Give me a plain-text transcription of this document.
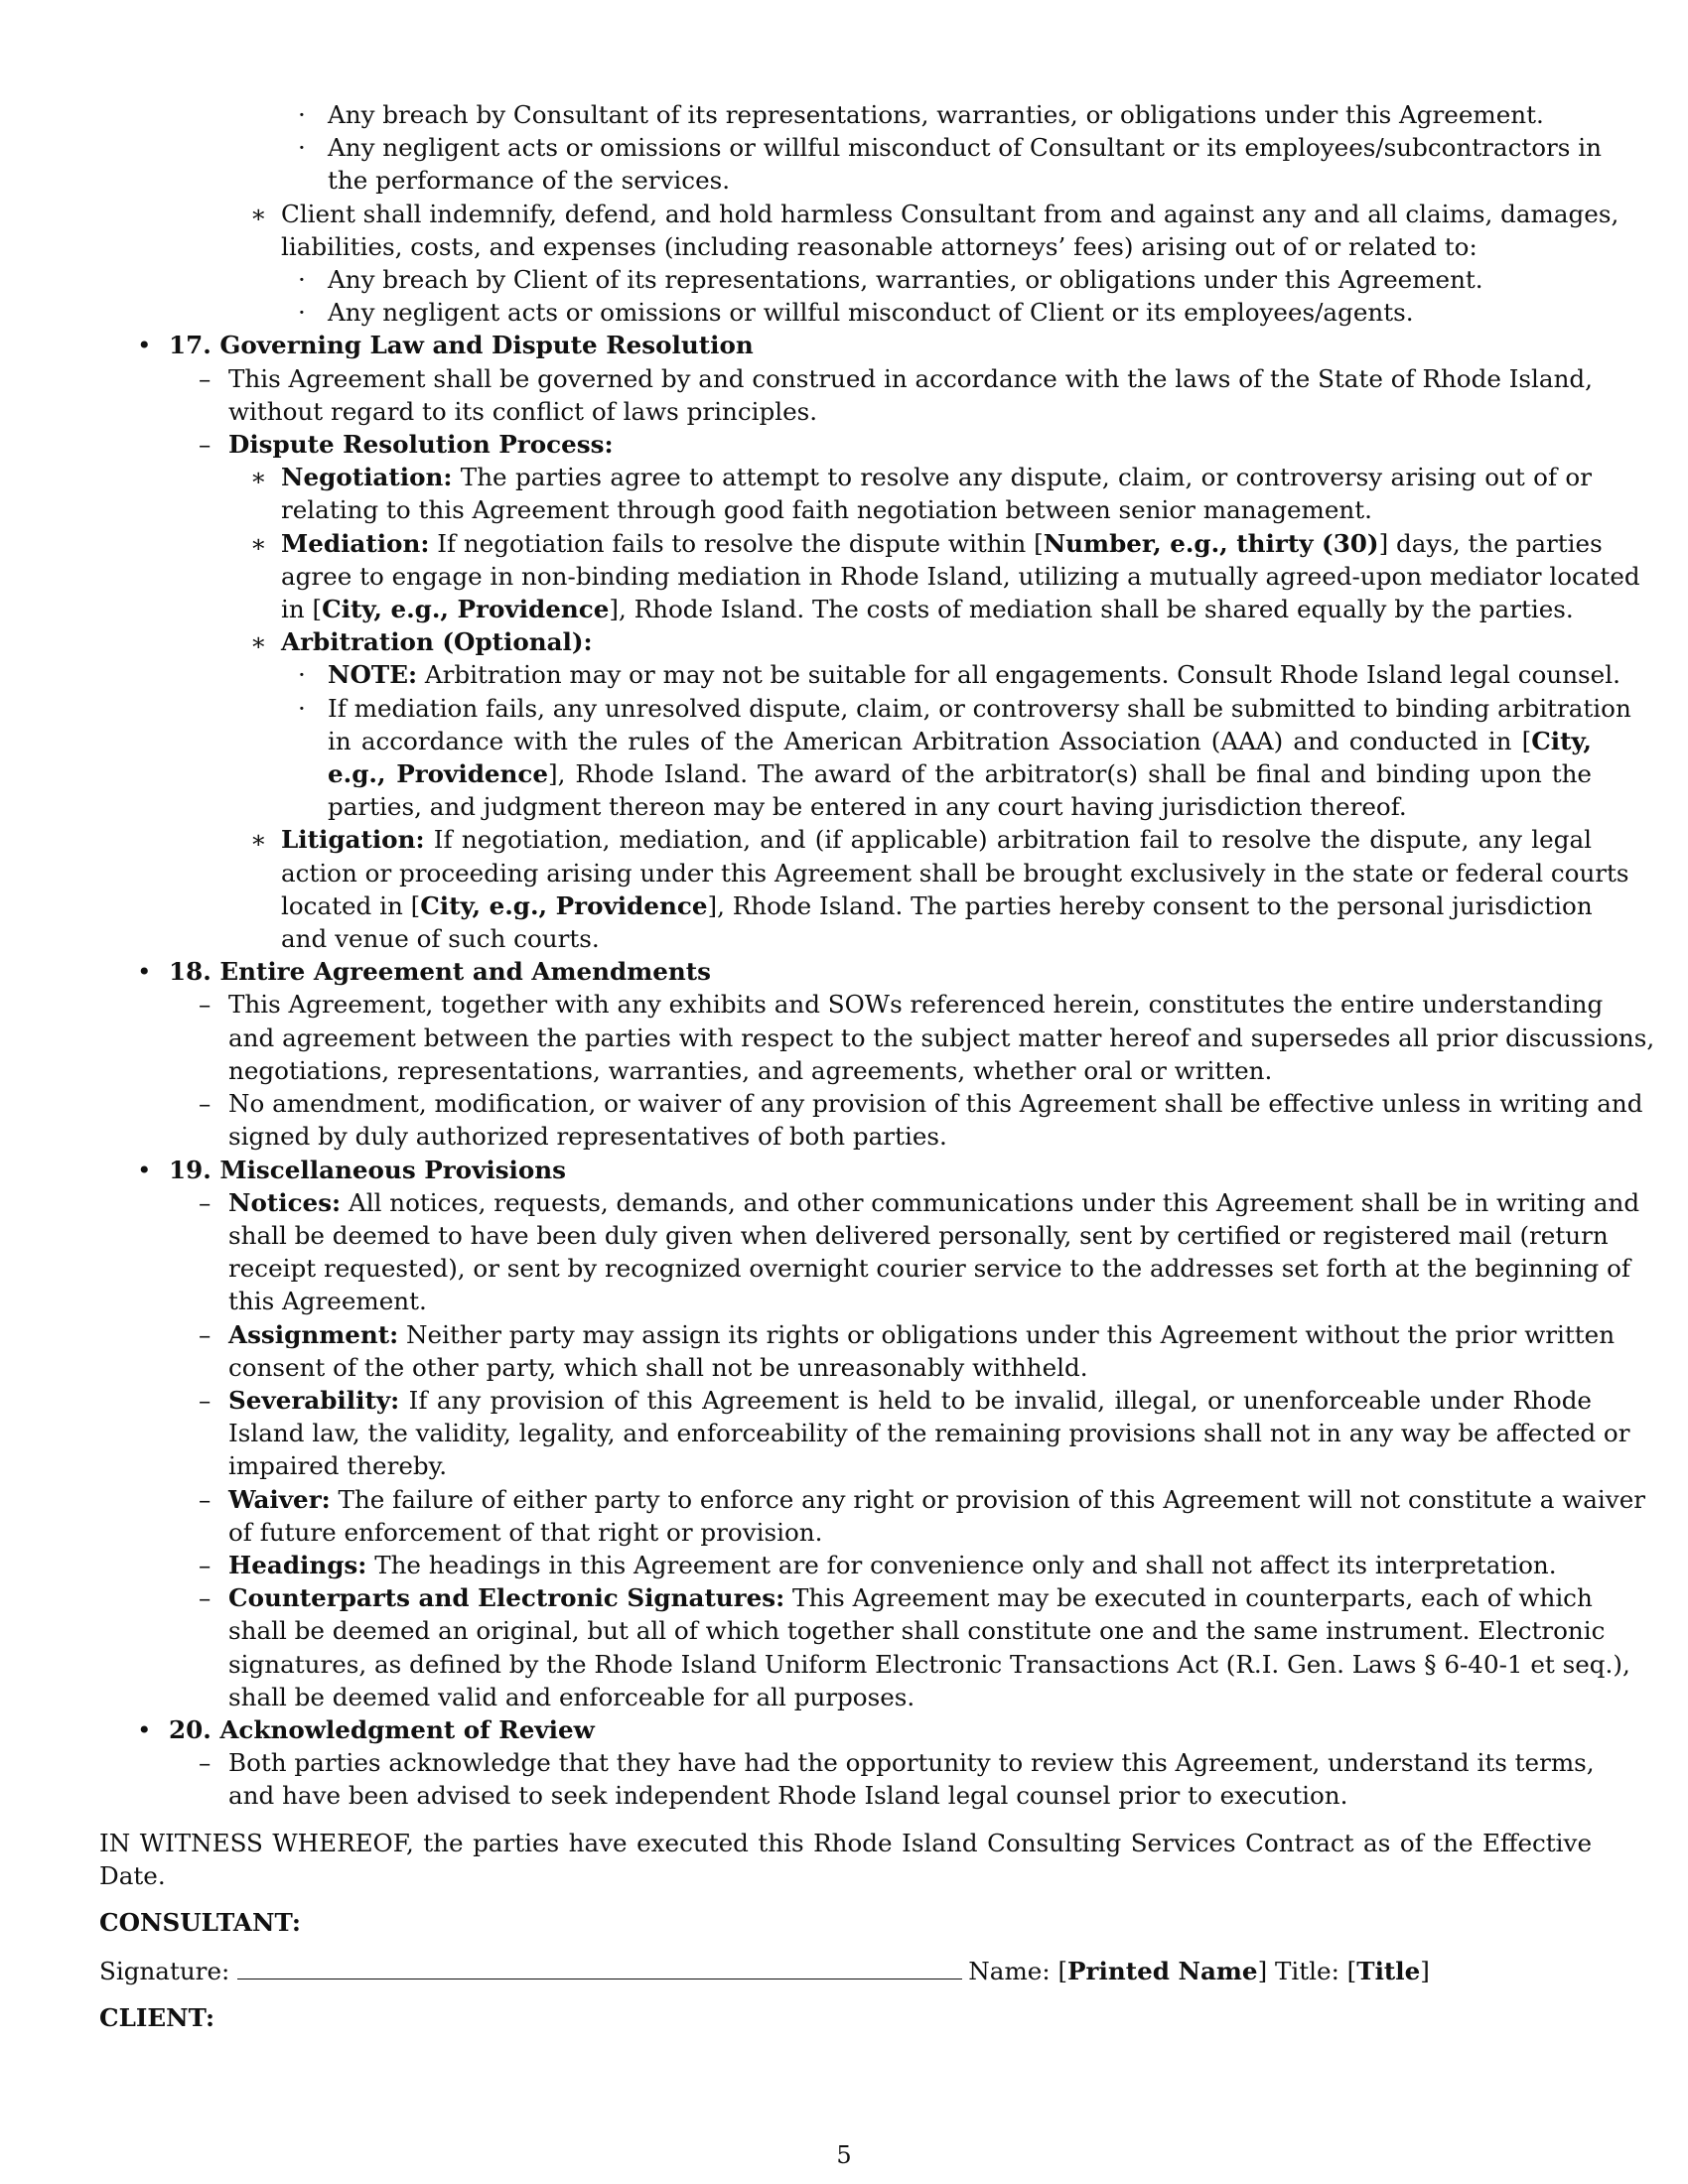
· Any breach by Consultant of its representations, warranties, or obligations under this Agreement.
· Any negligent acts or omissions or willful misconduct of Consultant or its employees/subcontractors in
the performance of the services.
∗ Client shall indemnify, defend, and hold harmless Consultant from and against any and all claims, damages,
liabilities, costs, and expenses (including reasonable attorneys’ fees) arising out of or related to:
· Any breach by Client of its representations, warranties, or obligations under this Agreement.
· Any negligent acts or omissions or willful misconduct of Client or its employees/agents.
• 17. Governing Law and Dispute Resolution
– This Agreement shall be governed by and construed in accordance with the laws of the State of Rhode Island,
without regard to its conflict of laws principles.
– Dispute Resolution Process:
∗ Negotiation: The parties agree to attempt to resolve any dispute, claim, or controversy arising out of or
relating to this Agreement through good faith negotiation between senior management.
∗ Mediation: If negotiation fails to resolve the dispute within [Number, e.g., thirty (30)] days, the parties
agree to engage in non-binding mediation in Rhode Island, utilizing a mutually agreed-upon mediator located
in [City, e.g., Providence], Rhode Island. The costs of mediation shall be shared equally by the parties.
∗ Arbitration (Optional):
· NOTE: Arbitration may or may not be suitable for all engagements. Consult Rhode Island legal counsel.
· If mediation fails, any unresolved dispute, claim, or controversy shall be submitted to binding arbitration
in accordance with the rules of the American Arbitration Association (AAA) and conducted in [City,
e.g., Providence], Rhode Island. The award of the arbitrator(s) shall be final and binding upon the
parties, and judgment thereon may be entered in any court having jurisdiction thereof.
∗ Litigation: If negotiation, mediation, and (if applicable) arbitration fail to resolve the dispute, any legal
action or proceeding arising under this Agreement shall be brought exclusively in the state or federal courts
located in [City, e.g., Providence], Rhode Island. The parties hereby consent to the personal jurisdiction
and venue of such courts.
• 18. Entire Agreement and Amendments
– This Agreement, together with any exhibits and SOWs referenced herein, constitutes the entire understanding
and agreement between the parties with respect to the subject matter hereof and supersedes all prior discussions,
negotiations, representations, warranties, and agreements, whether oral or written.
– No amendment, modification, or waiver of any provision of this Agreement shall be effective unless in writing and
signed by duly authorized representatives of both parties.
• 19. Miscellaneous Provisions
– Notices: All notices, requests, demands, and other communications under this Agreement shall be in writing and
shall be deemed to have been duly given when delivered personally, sent by certified or registered mail (return
receipt requested), or sent by recognized overnight courier service to the addresses set forth at the beginning of
this Agreement.
– Assignment: Neither party may assign its rights or obligations under this Agreement without the prior written
consent of the other party, which shall not be unreasonably withheld.
– Severability: If any provision of this Agreement is held to be invalid, illegal, or unenforceable under Rhode
Island law, the validity, legality, and enforceability of the remaining provisions shall not in any way be affected or
impaired thereby.
– Waiver: The failure of either party to enforce any right or provision of this Agreement will not constitute a waiver
of future enforcement of that right or provision.
– Headings: The headings in this Agreement are for convenience only and shall not affect its interpretation.
– Counterparts and Electronic Signatures: This Agreement may be executed in counterparts, each of which
shall be deemed an original, but all of which together shall constitute one and the same instrument. Electronic
signatures, as defined by the Rhode Island Uniform Electronic Transactions Act (R.I. Gen. Laws § 6-40-1 et seq.),
shall be deemed valid and enforceable for all purposes.
• 20. Acknowledgment of Review
– Both parties acknowledge that they have had the opportunity to review this Agreement, understand its terms,
and have been advised to seek independent Rhode Island legal counsel prior to execution.
IN WITNESS WHEREOF, the parties have executed this Rhode Island Consulting Services Contract as of the Effective
Date.
CONSULTANT:
Signature:	Name: [Printed Name] Title: [Title]
CLIENT:
5
